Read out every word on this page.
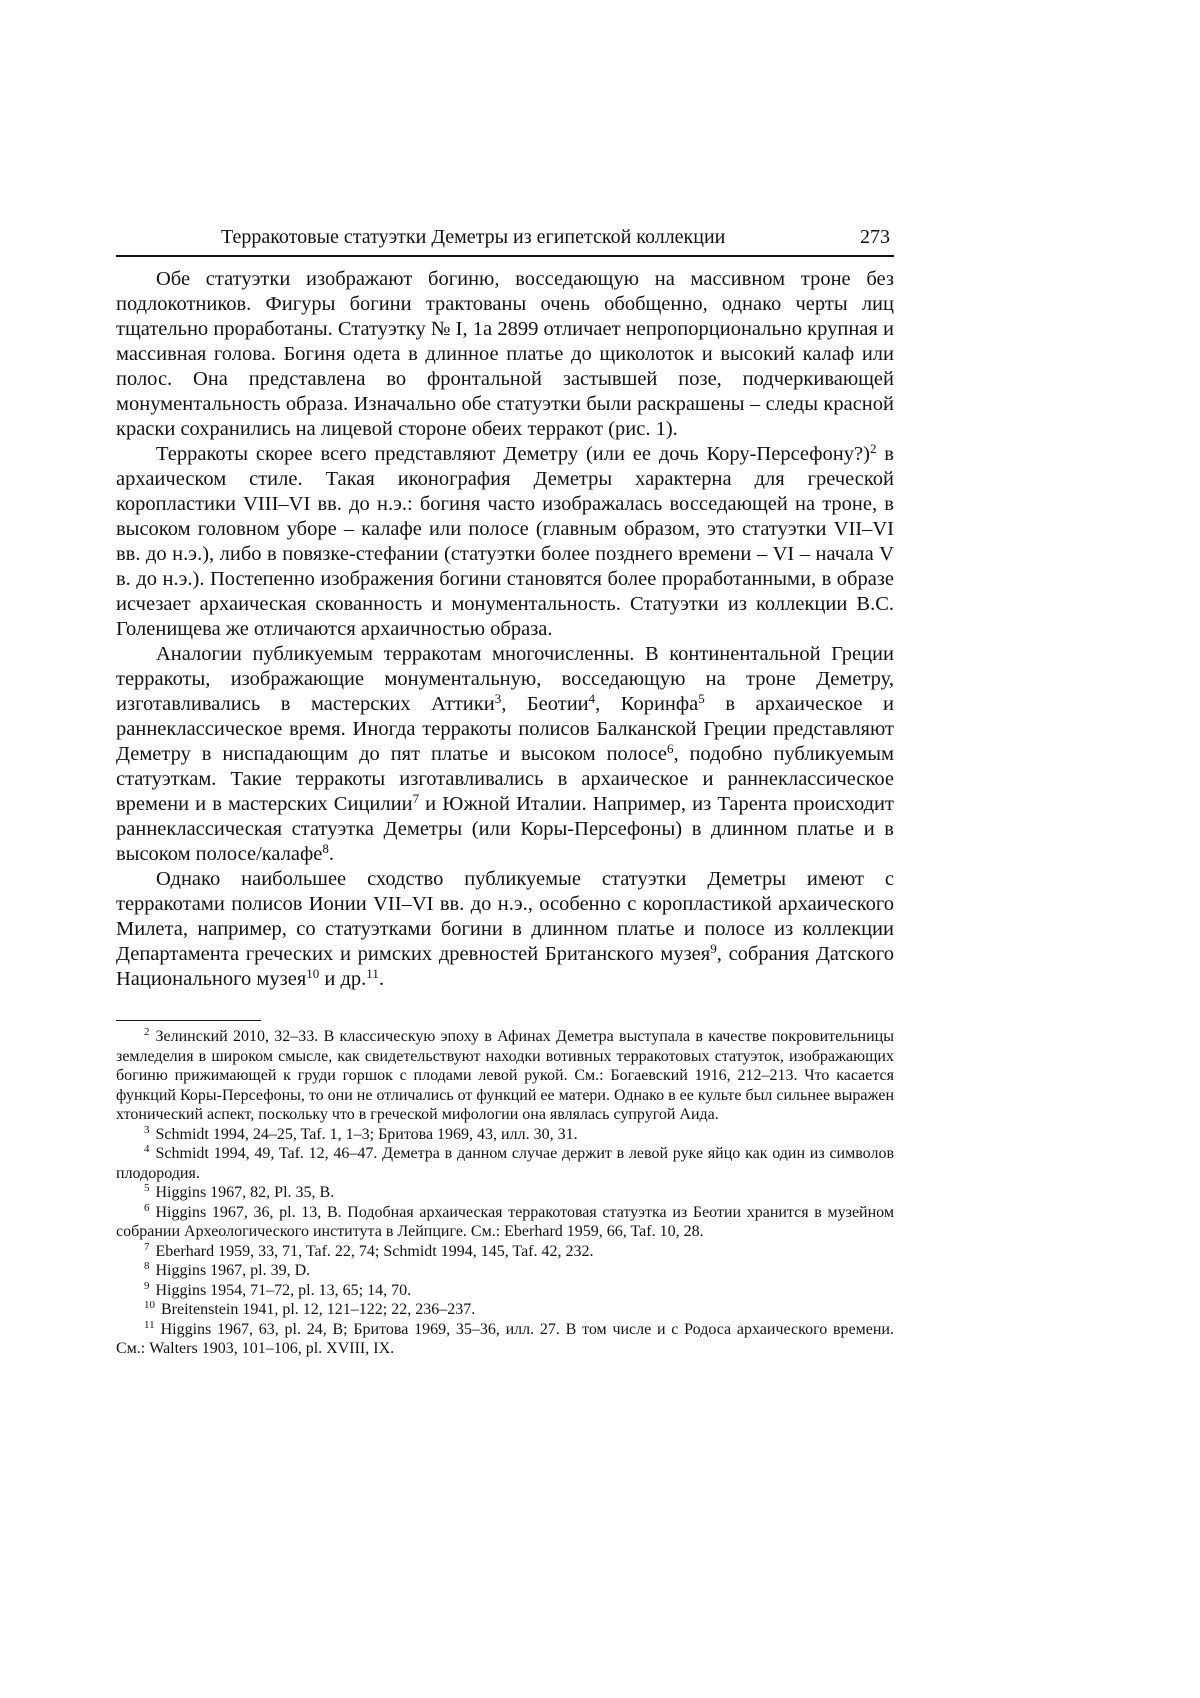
Терракотовые статуэтки Деметры из египетской коллекции	273

Обе статуэтки изображают богиню, восседающую на массивном троне без подлокотников. Фигуры богини трактованы очень обобщенно, однако черты лиц тщательно проработаны. Статуэтку № I, 1а 2899 отличает непропорционально крупная и массивная голова. Богиня одета в длинное платье до щиколоток и высокий калаф или полос. Она представлена во фронтальной застывшей позе, подчеркивающей монументальность образа. Изначально обе статуэтки были раскрашены – следы красной краски сохранились на лицевой стороне обеих терракот (рис. 1).

Терракоты скорее всего представляют Деметру (или ее дочь Кору-Персефону?)$^2$ в архаическом стиле. Такая иконография Деметры характерна для греческой коропластики VIII–VI вв. до н.э.: богиня часто изображалась восседающей на троне, в высоком головном уборе – калафе или полосе (главным образом, это статуэтки VII–VI вв. до н.э.), либо в повязке-стефании (статуэтки более позднего времени – VI – начала V в. до н.э.). Постепенно изображения богини становятся более проработанными, в образе исчезает архаическая скованность и монументальность. Статуэтки из коллекции В.С. Голенищева же отличаются архаичностью образа.

Аналогии публикуемым терракотам многочисленны. В континентальной Греции терракоты, изображающие монументальную, восседающую на троне Деметру, изготавливались в мастерских Аттики$^3$, Беотии$^4$, Коринфа$^5$ в архаическое и раннеклассическое время. Иногда терракоты полисов Балканской Греции представляют Деметру в ниспадающим до пят платье и высоком полосе$^6$, подобно публикуемым статуэткам. Такие терракоты изготавливались в архаическое и раннеклассическое времени и в мастерских Сицилии$^7$ и Южной Италии. Например, из Тарента происходит раннеклассическая статуэтка Деметры (или Коры-Персефоны) в длинном платье и в высоком полосе/калафе$^8$.

Однако наибольшее сходство публикуемые статуэтки Деметры имеют с терракотами полисов Ионии VII–VI вв. до н.э., особенно с коропластикой архаического Милета, например, со статуэтками богини в длинном платье и полосе из коллекции Департамента греческих и римских древностей Британского музея$^9$, собрания Датского Национального музея$^{10}$ и др.$^{11}$.

$^2$ Зелинский 2010, 32–33. В классическую эпоху в Афинах Деметра выступала в качестве покровительницы земледелия в широком смысле, как свидетельствуют находки вотивных терракотовых статуэток, изображающих богиню прижимающей к груди горшок с плодами левой рукой. См.: Богаевский 1916, 212–213. Что касается функций Коры-Персефоны, то они не отличались от функций ее матери. Однако в ее культе был сильнее выражен хтонический аспект, поскольку что в греческой мифологии она являлась супругой Аида.

$^3$ Schmidt 1994, 24–25, Taf. 1, 1–3; Бритова 1969, 43, илл. 30, 31.

$^4$ Schmidt 1994, 49, Taf. 12, 46–47. Деметра в данном случае держит в левой руке яйцо как один из символов плодородия.

$^5$ Higgins 1967, 82, Pl. 35, B.

$^6$ Higgins 1967, 36, pl. 13, B. Подобная архаическая терракотовая статуэтка из Беотии хранится в музейном собрании Археологического института в Лейпциге. См.: Eberhard 1959, 66, Taf. 10, 28.

$^7$ Eberhard 1959, 33, 71, Taf. 22, 74; Schmidt 1994, 145, Taf. 42, 232.

$^8$ Higgins 1967, pl. 39, D.

$^9$ Higgins 1954, 71–72, pl. 13, 65; 14, 70.

$^{10}$ Breitenstein 1941, pl. 12, 121–122; 22, 236–237.

$^{11}$ Higgins 1967, 63, pl. 24, B; Бритова 1969, 35–36, илл. 27. В том числе и с Родоса архаического времени. См.: Walters 1903, 101–106, pl. XVIII, IX.
